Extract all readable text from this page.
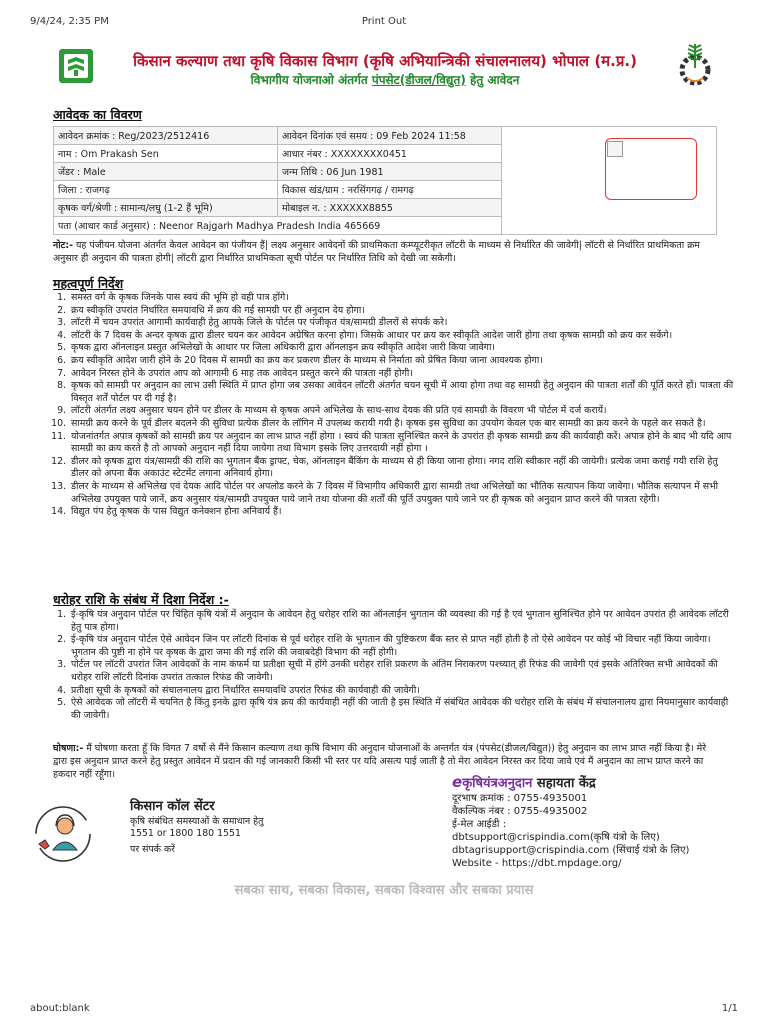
9/4/24, 2:35 PM	Print Out
किसान कल्याण तथा कृषि विकास विभाग (कृषि अभियान्त्रिकी संचालनालय) भोपाल (म.प्र.)
विभागीय योजनाओ अंतर्गत पंपसेट(डीजल/विद्युत) हेतु आवेदन
आवेदक का विवरण
आवेदन क्रमांक : Reg/2023/2512416	आवेदन दिनांक एवं समय : 09 Feb 2024 11:58	
नाम : Om Prakash Sen	आधार नंबर : XXXXXXXX0451	
जेंडर : Male	जन्म तिथि : 06 Jun 1981	
जिला : राजगढ़	विकास खंड/ग्राम : नरसिंगगढ़ / रामगढ़	
कृषक वर्ग/श्रेणी : सामान्य/लघु (1-2 हैं भूमि)	मोबाइल न. : XXXXXX8855	
पता (आधार कार्ड अनुसार) : Neenor Rajgarh Madhya Pradesh India 465669		
नोट:- यह पंजीयन योजना अंतर्गत केवल आवेदन का पंजीयन हैं| लक्ष्य अनुसार आवेदनों की प्राथमिकता कम्प्यूटरीकृत लॉटरी के माध्यम से निर्धारित की जावेगी| लॉटरी से निर्धारित प्राथमिकता क्रम अनुसार ही अनुदान की पात्रता होगी| लॉटरी द्वारा निर्धारित प्राथमिकता सूची पोर्टल पर निर्धारित तिथि को देखी जा सकेगी।
महत्वपूर्ण निर्देश
1. समस्त वर्ग के कृषक जिनके पास स्वयं की भूमि हो वही पात्र होंगे।
2. क्रय स्वीकृति उपरांत निर्धारित समयावधि में क्रय की गई सामग्री पर ही अनुदान देय होगा।
3. लॉटरी में चयन उपरांत आगामी कार्यवाही हेतु आपके जिले के पोर्टल पर पंजीकृत यंत्र/सामग्री डीलरों से संपर्क करे।
4. लॉटरी के 7 दिवस के अन्दर कृषक द्वारा डीलर चयन कर आवेदन अग्रेषित करना होगा। जिसके आधार पर क्रय कर स्वीकृति आदेश जारी होगा तथा कृषक सामग्री को क्रय कर सकेंगे।
5. कृषक द्वारा ऑनलाइन प्रस्तुत अभिलेखों के आधार पर जिला अधिकारी द्वारा ऑनलाइन क्रय स्वीकृति आदेश जारी किया जावेगा।
6. क्रय स्वीकृति आदेश जारी होने के 20 दिवस में सामग्री का क्रय कर प्रकरण डीलर के माध्यम से निर्माता को प्रेषित किया जाना आवश्यक होगा।
7. आवेदन निरस्त होने के उपरांत आप को आगामी 6 माह तक आवेदन प्रस्तुत करने की पात्रता नहीं होगी।
8. कृषक को सामग्री पर अनुदान का लाभ उसी स्थिति में प्राप्त होगा जब उसका आवेदन लॉटरी अंतर्गत चयन सूची में आया होगा तथा वह सामग्री हेतु अनुदान की पात्रता शर्तों की पूर्ति करते हों। पात्रता की विस्तृत शर्तें पोर्टल पर दी गई है।
9. लॉटरी अंतर्गत लक्ष्य अनुसार चयन होने पर डीलर के माध्यम से कृषक अपने अभिलेख के साथ-साथ देयक की प्रति एवं सामग्री के विवरण भी पोर्टल में दर्ज करायें।
10. सामग्री क्रय करने के पूर्व डीलर बदलने की सुविधा प्रत्येक डीलर के लॉगिन में उपलब्ध करायी गयी है। कृषक इस सुविधा का उपयोग केवल एक बार सामग्री का क्रय करने के पहले कर सकते है।
11. योजनांतर्गत अपात्र कृषकों को सामग्री क्रय पर अनुदान का लाभ प्राप्त नहीं होगा । स्वयं की पात्रता सुनिश्चित करने के उपरांत ही कृषक सामग्री क्रय की कार्यवाही करें। अपात्र होने के बाद भी यदि आप सामग्री का क्रय करते है तो आपको अनुदान नहीं दिया जायेगा तथा विभाग इसके लिए उत्तरदायी नहीं होगा ।
12. डीलर को कृषक द्वारा यंत्र/सामग्री की राशि का भुगतान बैंक ड्राफ्ट, चेक, ऑनलाइन बैंकिंग के माध्यम से ही किया जाना होगा। नगद राशि स्वीकार नहीं की जायेगी। प्रत्येक जमा कराई गयी राशि हेतु डीलर को अपना बैंक अकाउंट स्टेटमेंट लगाना अनिवार्य होगा।
13. डीलर के माध्यम से अभिलेख एवं देयक आदि पोर्टल पर अपलोड करने के 7 दिवस में विभागीय अधिकारी द्वारा सामग्री तथा अभिलेखों का भौतिक सत्यापन किया जावेगा। भौतिक सत्यापन में सभी अभिलेख उपयुक्त पाये जानें, क्रय अनुसार यंत्र/सामग्री उपयुक्त पाये जाने तथा योजना की शर्तों की पूर्ति उपयुक्त पाये जाने पर ही कृषक को अनुदान प्राप्त करने की पात्रता रहेगी।
14. विद्युत पंप हेतु कृषक के पास विद्युत कनेक्शन होना अनिवार्य हैं।
धरोहर राशि के संबंध में दिशा निर्देश :-
1. ई-कृषि यंत्र अनुदान पोर्टल पर चिंहित कृषि यंत्रों में अनुदान के आवेदन हेतु धरोहर राशि का ऑनलाईन भुगतान की व्यवस्था की गई है एवं भुगतान सुनिश्चित होने पर आवेदन उपरांत ही आवेदक लॉटरी हेतु पात्र होगा।
2. ई-कृषि यंत्र अनुदान पोर्टल ऐसे आवेदन जिन पर लॉटरी दिनांक से पूर्व धरोहर राशि के भुगतान की पुष्टिकरण बैंक स्तर से प्राप्त नहीं होती है तो ऐसे आवेदन पर कोई भी विचार नहीं किया जावेगा। भुगतान की पुष्टी ना होने पर कृषक के द्वारा जमा की गई राशि की जवाबदेही विभाग की नहीं होगी।
3. पोर्टल पर लॉटरी उपरांत जिन आवेदकों के नाम कंफर्म या प्रतीक्षा सूची में होंगे उनकी धरोहर राशि प्रकरण के अंतिम निराकरण पश्च्यात् ही रिफंड की जावेगी एवं इसके अतिरिक्त सभी आवेदकों की धरोहर राशि लॉटरी दिनांक उपरांत तत्काल रिफंड की जावेगी।
4. प्रतीक्षा सूची के कृषकों को संचालनालय द्वारा निर्धारित समयावधि उपरांत रिफंड की कार्यवाही की जावेगी।
5. ऐसे आवेदक जो लॉटरी में चयनित है किंतु इनके द्वारा कृषि यंत्र क्रय की कार्यवाही नहीं की जाती है इस स्थिति में संबंधित आवेदक की धरोहर राशि के संबंध में संचालनालय द्वारा नियमानुसार कार्यवाही की जावेगी।
घोषणा:- मैं घोषणा करता हूँ कि विगत 7 वर्षो से मैंने किसान कल्याण तथा कृषि विभाग की अनुदान योजनाओं के अन्तर्गत यंत्र (पंपसेट(डीजल/विद्युत)) हेतु अनुदान का लाभ प्राप्त नहीं किया है। मेरे द्वारा इस अनुदान प्राप्त करने हेतु प्रस्तुत आवेदन में प्रदान की गई जानकारी किसी भी स्तर पर यदि असत्य पाई जाती है तो मेरा आवेदन निरस्त कर दिया जावे एवं मैं अनुदान का लाभ प्राप्त करने का हकदार नहीं रहूँगा।
किसान कॉल सेंटर
कृषि संबंधित समस्याओं के समाधान हेतु
1551 or 1800 180 1551
पर संपर्क करें
eकृषियंत्रअनुदान सहायता केंद्र
दूरभाष क्रमांक : 0755-4935001
वैकल्पिक नंबर : 0755-4935002
ई-मेल आईडी :
dbtsupport@crispindia.com(कृषि यंत्रो के लिए)
dbtagrisupport@crispindia.com (सिंचाई यंत्रो के लिए)
Website - https://dbt.mpdage.org/
सबका साथ, सबका विकास, सबका विश्वास और सबका प्रयास
about:blank	1/1
